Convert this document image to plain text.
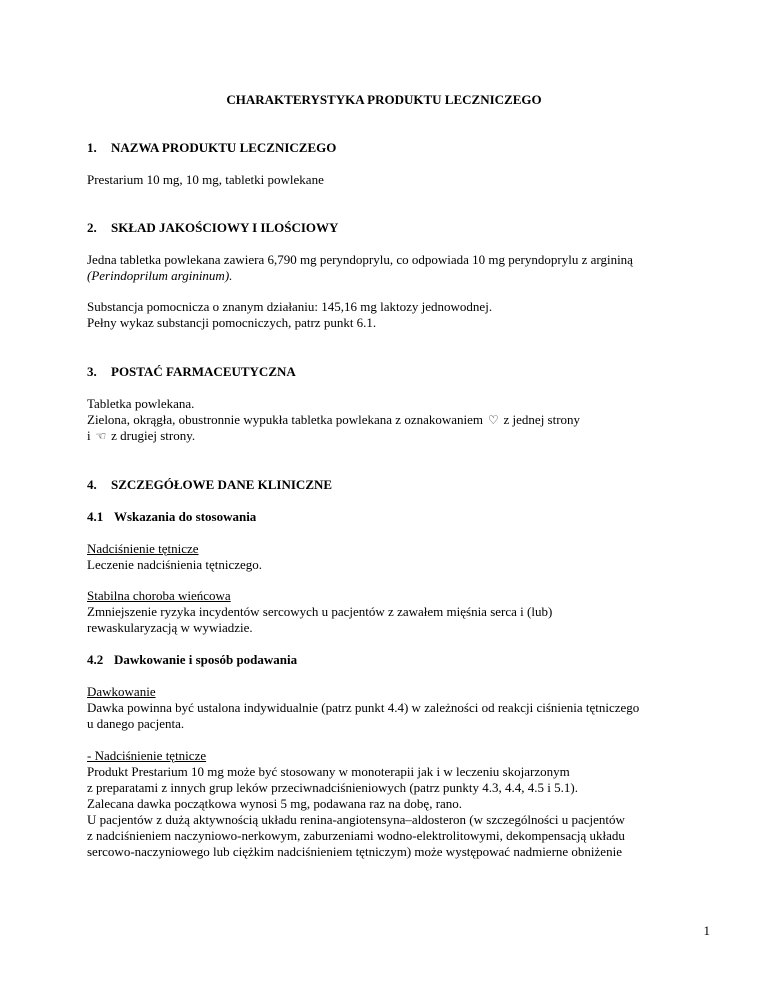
CHARAKTERYSTYKA PRODUKTU LECZNICZEGO
1. NAZWA PRODUKTU LECZNICZEGO
Prestarium 10 mg, 10 mg, tabletki powlekane
2. SKŁAD JAKOŚCIOWY I ILOŚCIOWY
Jedna tabletka powlekana zawiera 6,790 mg peryndoprylu, co odpowiada 10 mg peryndoprylu z argininą
(Perindoprilum argininum).
Substancja pomocnicza o znanym działaniu: 145,16 mg laktozy jednowodnej.
Pełny wykaz substancji pomocniczych, patrz punkt 6.1.
3. POSTAĆ FARMACEUTYCZNA
Tabletka powlekana.
Zielona, okrągła, obustronnie wypukła tabletka powlekana z oznakowaniem ♡ z jednej strony
i ☜ z drugiej strony.
4. SZCZEGÓŁOWE DANE KLINICZNE
4.1 Wskazania do stosowania
Nadciśnienie tętnicze
Leczenie nadciśnienia tętniczego.
Stabilna choroba wieńcowa
Zmniejszenie ryzyka incydentów sercowych u pacjentów z zawałem mięśnia serca i (lub)
rewaskularyzacją w wywiadzie.
4.2 Dawkowanie i sposób podawania
Dawkowanie
Dawka powinna być ustalona indywidualnie (patrz punkt 4.4) w zależności od reakcji ciśnienia tętniczego
u danego pacjenta.
- Nadciśnienie tętnicze
Produkt Prestarium 10 mg może być stosowany w monoterapii jak i w leczeniu skojarzonym
z preparatami z innych grup leków przeciwnadciśnieniowych (patrz punkty 4.3, 4.4, 4.5 i 5.1).
Zalecana dawka początkowa wynosi 5 mg, podawana raz na dobę, rano.
U pacjentów z dużą aktywnością układu renina-angiotensyna–aldosteron (w szczególności u pacjentów
z nadciśnieniem naczyniowo-nerkowym, zaburzeniami wodno-elektrolitowymi, dekompensacją układu
sercowo-naczyniowego lub ciężkim nadciśnieniem tętniczym) może występować nadmierne obniżenie
1
